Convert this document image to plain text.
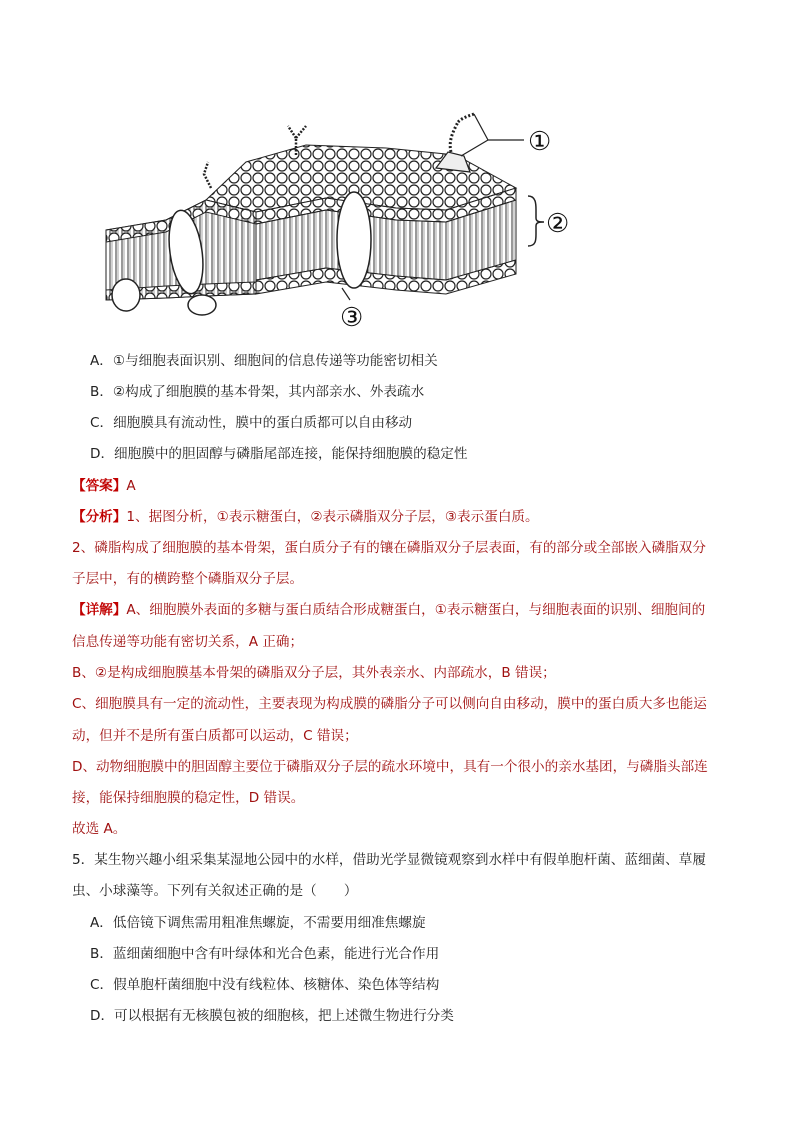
①
②
③
A．①与细胞表面识别、细胞间的信息传递等功能密切相关
B．②构成了细胞膜的基本骨架，其内部亲水、外表疏水
C．细胞膜具有流动性，膜中的蛋白质都可以自由移动
D．细胞膜中的胆固醇与磷脂尾部连接，能保持细胞膜的稳定性
【答案】A
【分析】1、据图分析，①表示糖蛋白，②表示磷脂双分子层，③表示蛋白质。
2、磷脂构成了细胞膜的基本骨架，蛋白质分子有的镶在磷脂双分子层表面，有的部分或全部嵌入磷脂双分
子层中，有的横跨整个磷脂双分子层。
【详解】A、细胞膜外表面的多糖与蛋白质结合形成糖蛋白，①表示糖蛋白，与细胞表面的识别、细胞间的
信息传递等功能有密切关系，A 正确；
B、②是构成细胞膜基本骨架的磷脂双分子层，其外表亲水、内部疏水，B 错误；
C、细胞膜具有一定的流动性，主要表现为构成膜的磷脂分子可以侧向自由移动，膜中的蛋白质大多也能运
动，但并不是所有蛋白质都可以运动，C 错误；
D、动物细胞膜中的胆固醇主要位于磷脂双分子层的疏水环境中，具有一个很小的亲水基团，与磷脂头部连
接，能保持细胞膜的稳定性，D 错误。
故选 A。
5．某生物兴趣小组采集某湿地公园中的水样，借助光学显微镜观察到水样中有假单胞杆菌、蓝细菌、草履
虫、小球藻等。下列有关叙述正确的是（　　）
A．低倍镜下调焦需用粗准焦螺旋，不需要用细准焦螺旋
B．蓝细菌细胞中含有叶绿体和光合色素，能进行光合作用
C．假单胞杆菌细胞中没有线粒体、核糖体、染色体等结构
D．可以根据有无核膜包被的细胞核，把上述微生物进行分类
